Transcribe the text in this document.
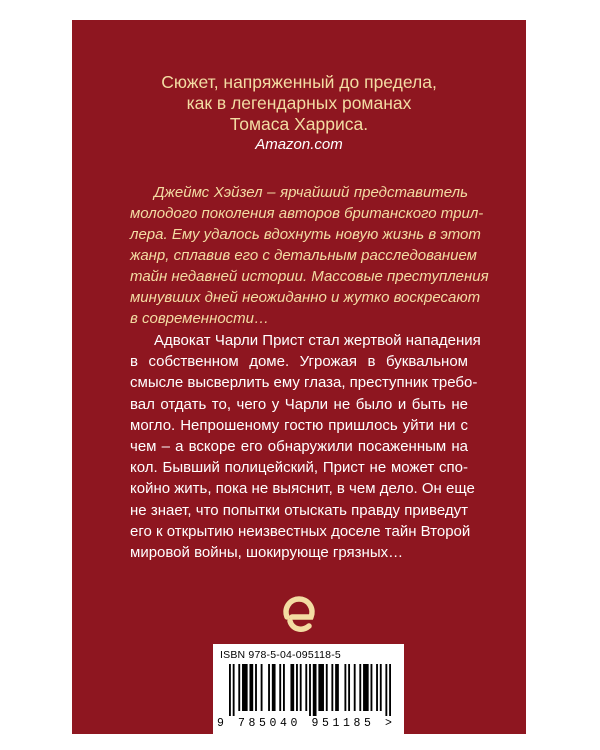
Сюжет, напряженный до предела,
как в легендарных романах
Томаса Харриса.
Amazon.com
Джеймс Хэйзел – ярчайший представитель
молодого поколения авторов британского трил-
лера. Ему удалось вдохнуть новую жизнь в этот
жанр, сплавив его с детальным расследованием
тайн недавней истории. Массовые преступления
минувших дней неожиданно и жутко воскресают
в современности…
Адвокат Чарли Прист стал жертвой нападения
в собственном доме. Угрожая в буквальном
смысле высверлить ему глаза, преступник требо-
вал отдать то, чего у Чарли не было и быть не
могло. Непрошеному гостю пришлось уйти ни с
чем – а вскоре его обнаружили посаженным на
кол. Бывший полицейский, Прист не может спо-
койно жить, пока не выяснит, в чем дело. Он еще
не знает, что попытки отыскать правду приведут
его к открытию неизвестных доселе тайн Второй
мировой войны, шокирующе грязных…
ISBN 978-5-04-095118-5
9 785040 951185 >
